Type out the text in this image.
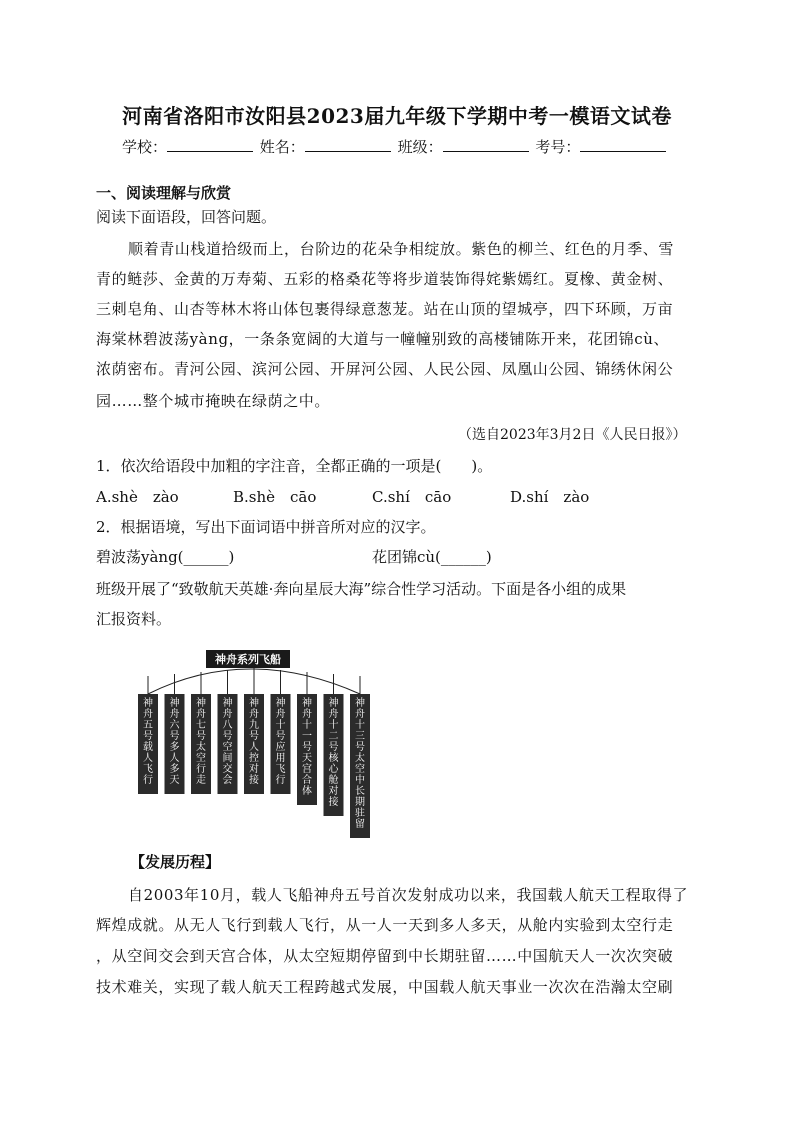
河南省洛阳市汝阳县2023届九年级下学期中考一模语文试卷
学校：	姓名：	班级：	考号：
一、阅读理解与欣赏
阅读下面语段，回答问题。
顺着青山栈道拾级而上，台阶边的花朵争相绽放。紫色的柳兰、红色的月季、雪
青的鲢莎、金黄的万寿菊、五彩的格桑花等将步道装饰得姹紫嫣红。夏橡、黄金树、
三刺皂角、山杏等林木将山体包裹得绿意葱茏。站在山顶的望城亭，四下环顾，万亩
海棠林碧波荡yàng，一条条宽阔的大道与一幢幢别致的高楼铺陈开来，花团锦cù、
浓荫密布。青河公园、滨河公园、开屏河公园、人民公园、凤凰山公园、锦绣休闲公
园……整个城市掩映在绿荫之中。
（选自2023年3月2日《人民日报》）
1．依次给语段中加粗的字注音，全都正确的一项是(　　)。
A.shè　zào	B.shè　cāo	C.shí　cāo	D.shí　zào
2．根据语境，写出下面词语中拼音所对应的汉字。
碧波荡yàng(______)	花团锦cù(______)
班级开展了“致敬航天英雄·奔向星辰大海”综合性学习活动。下面是各小组的成果
汇报资料。
神舟系列飞船
神舟五号载人飞行
神舟六号多人多天
神舟七号太空行走
神舟八号空间交会
神舟九号人控对接
神舟十号应用飞行
神舟十一号天宫合体
神舟十二号核心舱对接
神舟十三号太空中长期驻留
【发展历程】
自2003年10月，载人飞船神舟五号首次发射成功以来，我国载人航天工程取得了
辉煌成就。从无人飞行到载人飞行，从一人一天到多人多天，从舱内实验到太空行走
，从空间交会到天宫合体，从太空短期停留到中长期驻留……中国航天人一次次突破
技术难关，实现了载人航天工程跨越式发展，中国载人航天事业一次次在浩瀚太空刷
